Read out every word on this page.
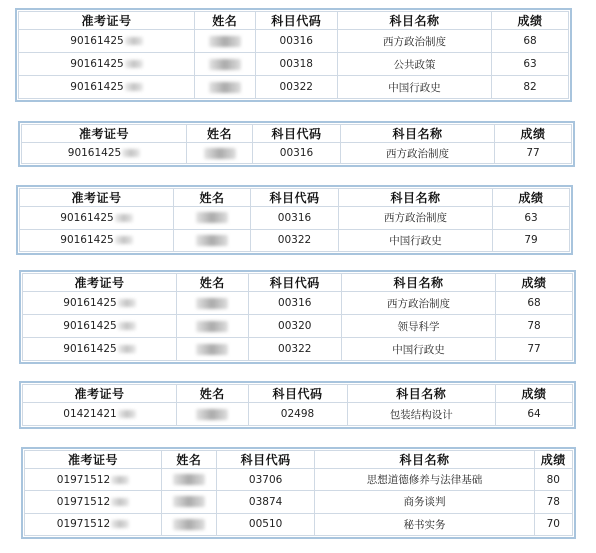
准考证号	姓名	科目代码	科目名称	成绩
90161425		00316	西方政治制度	68
90161425		00318	公共政策	63
90161425		00322	中国行政史	82
准考证号	姓名	科目代码	科目名称	成绩
90161425		00316	西方政治制度	77
准考证号	姓名	科目代码	科目名称	成绩
90161425		00316	西方政治制度	63
90161425		00322	中国行政史	79
准考证号	姓名	科目代码	科目名称	成绩
90161425		00316	西方政治制度	68
90161425		00320	领导科学	78
90161425		00322	中国行政史	77
准考证号	姓名	科目代码	科目名称	成绩
01421421		02498	包装结构设计	64
准考证号	姓名	科目代码	科目名称	成绩
01971512		03706	思想道德修养与法律基础	80
01971512		03874	商务谈判	78
01971512		00510	秘书实务	70
